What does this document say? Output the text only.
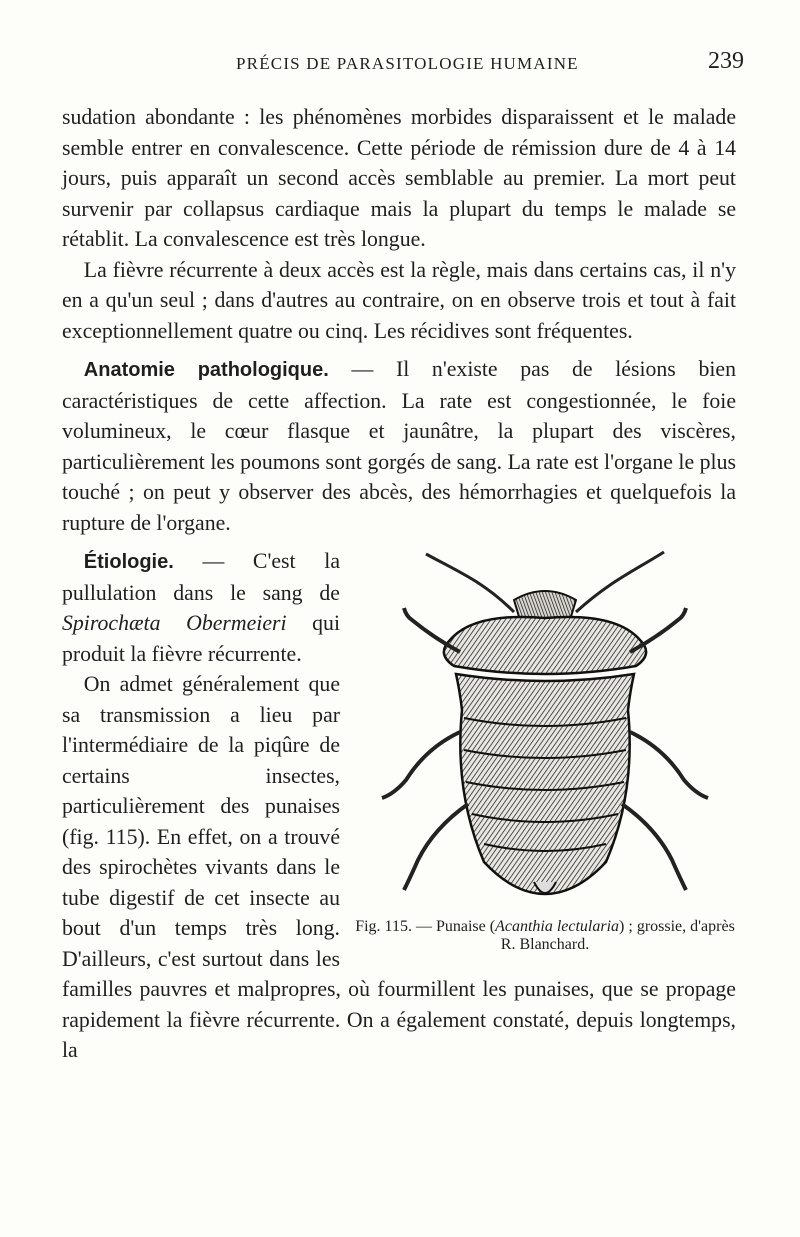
PRÉCIS DE PARASITOLOGIE HUMAINE	239

sudation abondante : les phénomènes morbides disparaissent et le malade semble entrer en convalescence. Cette période de rémission dure de 4 à 14 jours, puis apparaît un second accès semblable au premier. La mort peut survenir par collapsus cardiaque mais la plupart du temps le malade se rétablit. La convalescence est très longue.

 La fièvre récurrente à deux accès est la règle, mais dans certains cas, il n'y en a qu'un seul ; dans d'autres au contraire, on en observe trois et tout à fait exceptionnellement quatre ou cinq. Les récidives sont fréquentes.

 Anatomie pathologique. — Il n'existe pas de lésions bien caractéristiques de cette affection. La rate est congestionnée, le foie volumineux, le cœur flasque et jaunâtre, la plupart des viscères, particulièrement les poumons sont gorgés de sang. La rate est l'organe le plus touché ; on peut y observer des abcès, des hémorrhagies et quelquefois la rupture de l'organe.

Fig. 115. — Punaise (Acanthia lectularia) ; grossie, d'après R. Blanchard.

 Étiologie. — C'est la pullulation dans le sang de Spirochæta Obermeieri qui produit la fièvre récurrente.

 On admet généralement que sa transmission a lieu par l'intermédiaire de la piqûre de certains insectes, particulièrement des punaises (fig. 115). En effet, on a trouvé des spirochètes vivants dans le tube digestif de cet insecte au bout d'un temps très long. D'ailleurs, c'est surtout dans les familles pauvres et malpropres, où fourmillent les punaises, que se propage rapidement la fièvre récurrente. On a également constaté, depuis longtemps, la
